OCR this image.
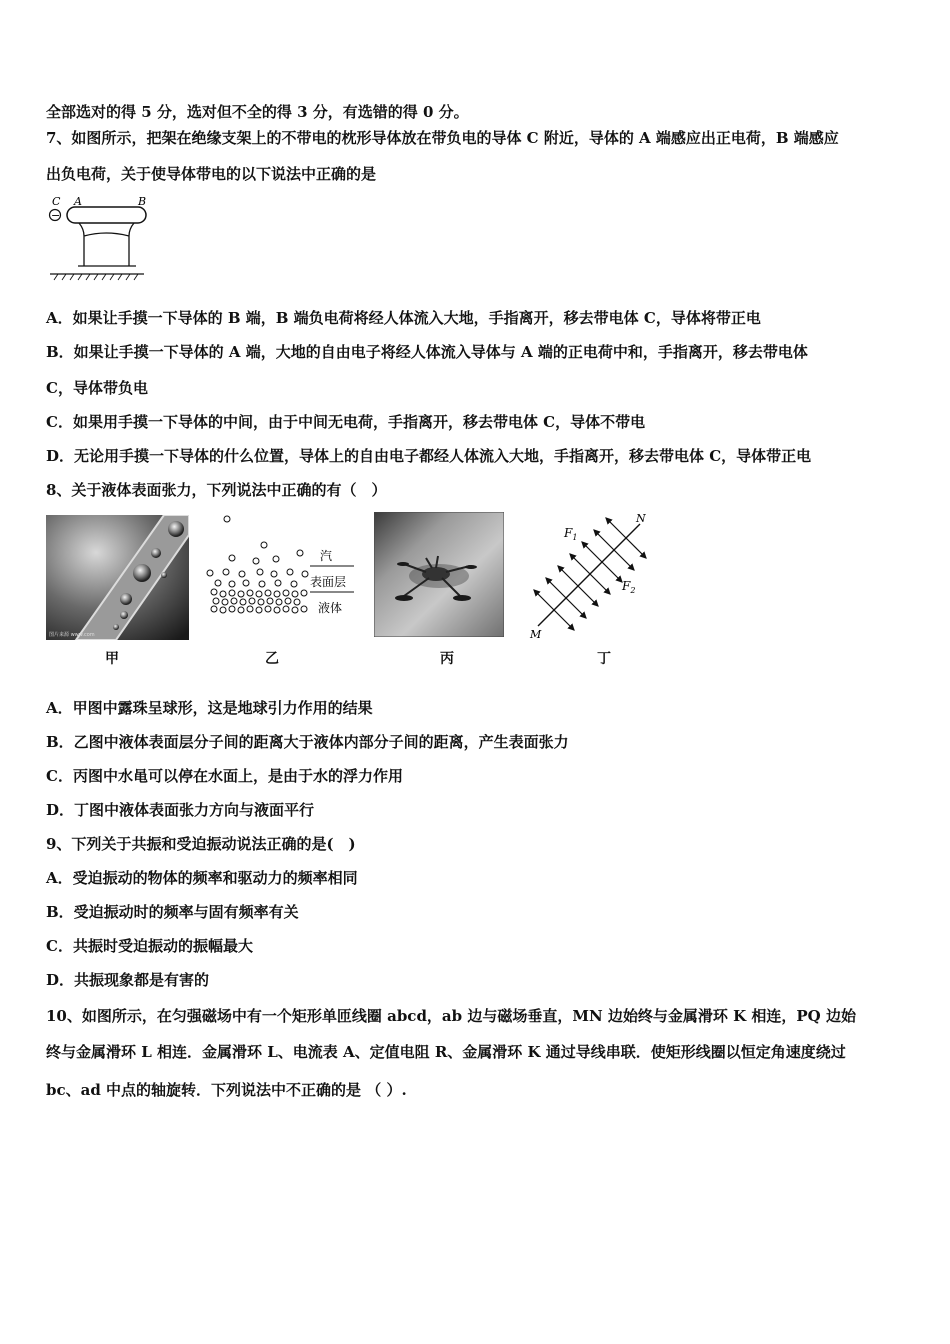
全部选对的得 5 分，选对但不全的得 3 分，有选错的得 0 分。
7、如图所示，把架在绝缘支架上的不带电的枕形导体放在带负电的导体 C 附近，导体的 A 端感应出正电荷，B 端感应
出负电荷，关于使导体带电的以下说法中正确的是
C A	B
−
A．如果让手摸一下导体的 B 端，B 端负电荷将经人体流入大地，手指离开，移去带电体 C，导体将带正电
B．如果让手摸一下导体的 A 端，大地的自由电子将经人体流入导体与 A 端的正电荷中和，手指离开，移去带电体
C，导体带负电
C．如果用手摸一下导体的中间，由于中间无电荷，手指离开，移去带电体 C，导体不带电
D．无论用手摸一下导体的什么位置，导体上的自由电子都经人体流入大地，手指离开，移去带电体 C，导体带正电
8、关于液体表面张力，下列说法中正确的有（　）
图片来源 www.com
汽
表面层
液体
$F_1$
$F_2$
N
M
甲	乙	丙	丁
A．甲图中露珠呈球形，这是地球引力作用的结果
B．乙图中液体表面层分子间的距离大于液体内部分子间的距离，产生表面张力
C．丙图中水黾可以停在水面上，是由于水的浮力作用
D．丁图中液体表面张力方向与液面平行
9、下列关于共振和受迫振动说法正确的是(　)
A．受迫振动的物体的频率和驱动力的频率相同
B．受迫振动时的频率与固有频率有关
C．共振时受迫振动的振幅最大
D．共振现象都是有害的
10、如图所示，在匀强磁场中有一个矩形单匝线圈 abcd，ab 边与磁场垂直，MN 边始终与金属滑环 K 相连，PQ 边始
终与金属滑环 L 相连．金属滑环 L、电流表 A、定值电阻 R、金属滑环 K 通过导线串联．使矩形线圈以恒定角速度绕过
bc、ad 中点的轴旋转．下列说法中不正确的是 （ ）.
